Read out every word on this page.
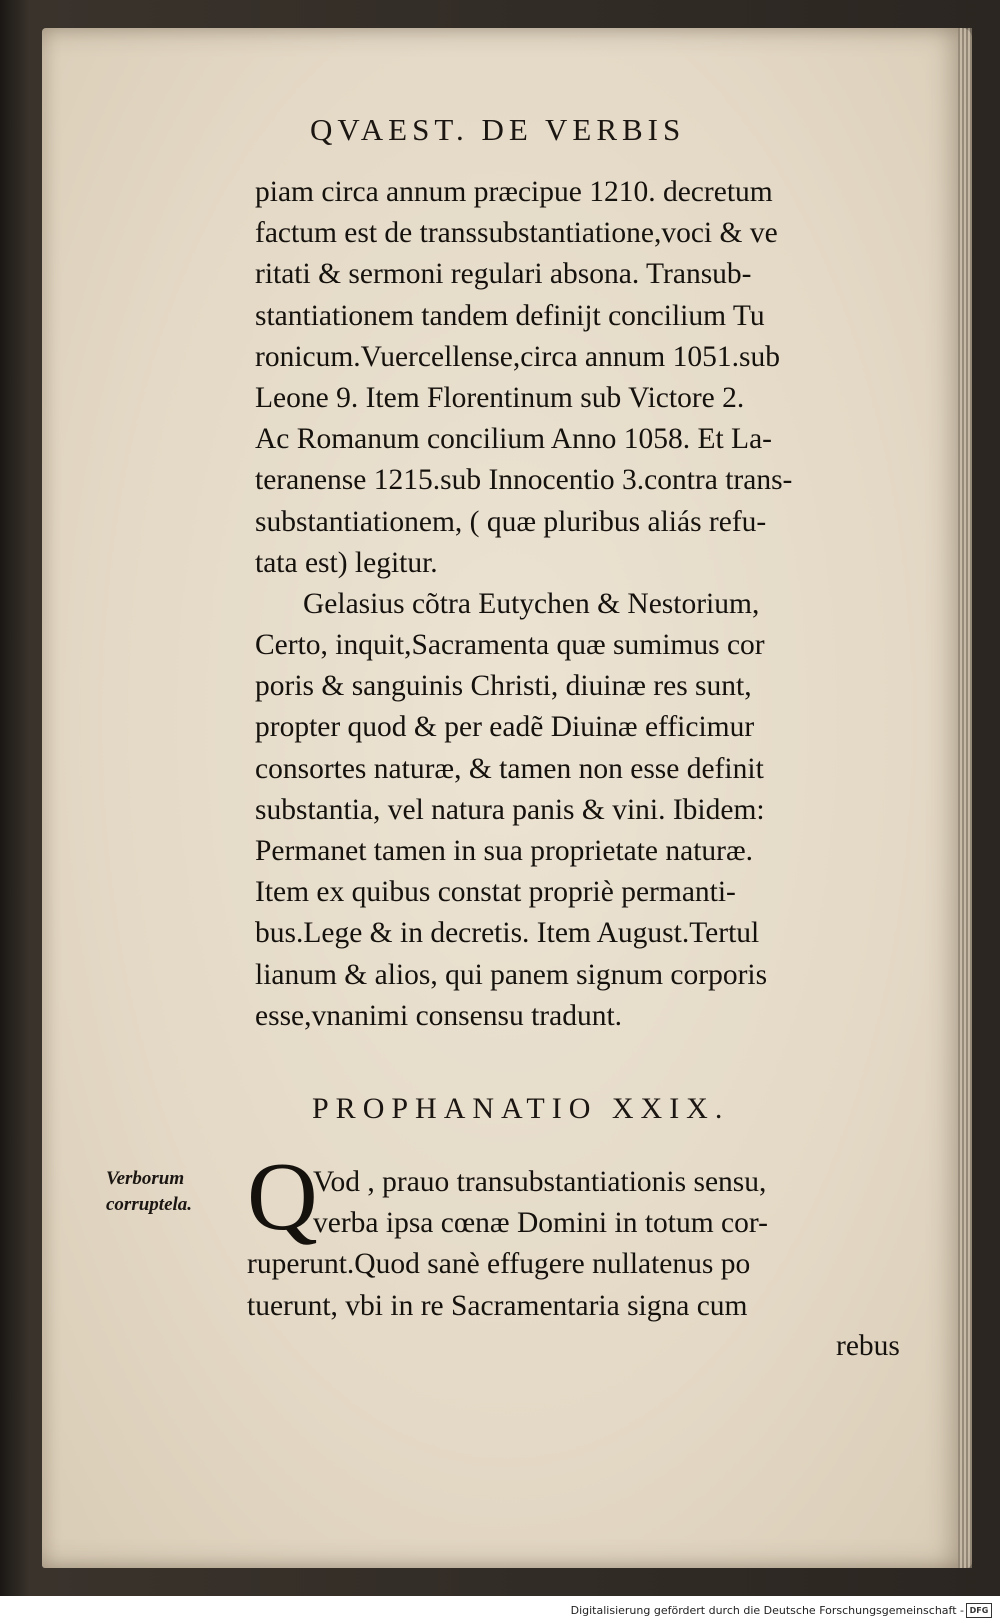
QVAEST. DE VERBIS
piam circa annum præcipue 1210. decretum
factum est de transsubstantiatione,voci & ve
ritati & sermoni regulari absona. Transub-
stantiationem tandem definijt concilium Tu
ronicum.Vuercellense,circa annum 1051.sub
Leone 9. Item Florentinum sub Victore 2.
Ac Romanum concilium Anno 1058. Et La-
teranense 1215.sub Innocentio 3.contra trans-
substantiationem, ( quæ pluribus aliás refu-
tata est) legitur.
Gelasius cõtra Eutychen & Nestorium,
Certo, inquit,Sacramenta quæ sumimus cor
poris & sanguinis Christi, diuinæ res sunt,
propter quod & per eadẽ Diuinæ efficimur
consortes naturæ, & tamen non esse definit
substantia, vel natura panis & vini. Ibidem:
Permanet tamen in sua proprietate naturæ.
Item ex quibus constat propriè permanti-
bus.Lege & in decretis. Item August.Tertul
lianum & alios, qui panem signum corporis
esse,vnanimi consensu tradunt.
PROPHANATIO XXIX.
Verborum
corruptela. Q
Vod , prauo transubstantiationis sensu,
verba ipsa cœnæ Domini in totum cor-
ruperunt.Quod sanè effugere nullatenus po
tuerunt, vbi in re Sacramentaria signa cum
rebus
Digitalisierung gefördert durch die Deutsche Forschungsgemeinschaft - DFG
